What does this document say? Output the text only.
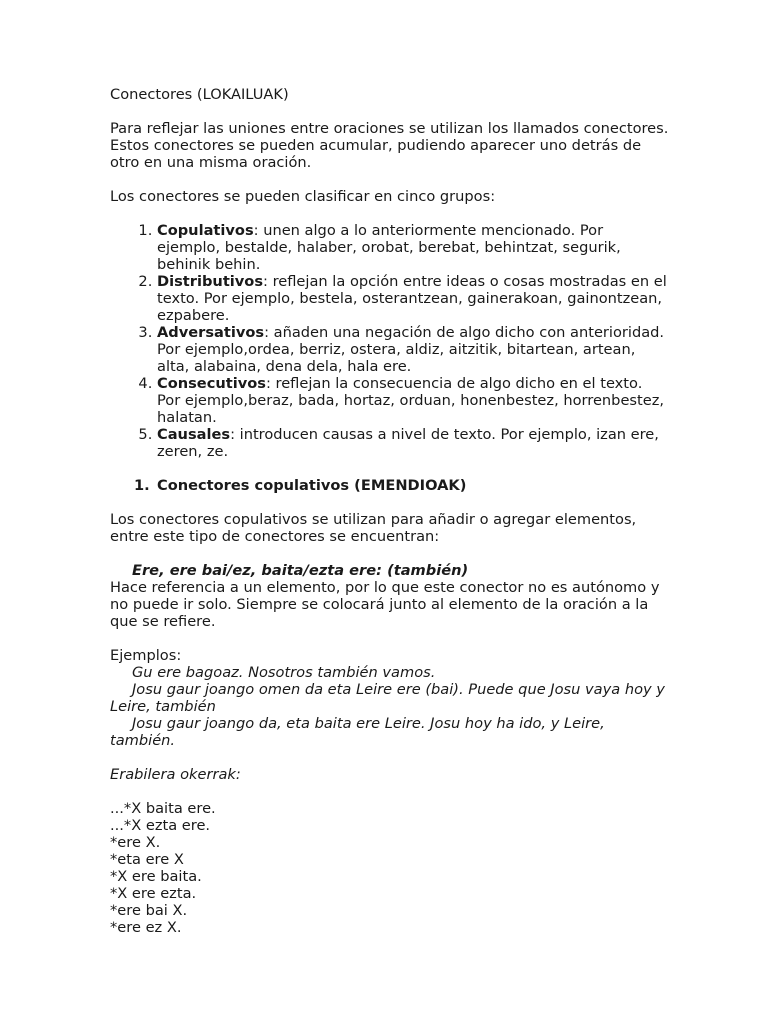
Conectores (LOKAILUAK)

Para reflejar las uniones entre oraciones se utilizan los llamados conectores. Estos conectores se pueden acumular, pudiendo aparecer uno detrás de otro en una misma oración.

Los conectores se pueden clasificar en cinco grupos:

1. Copulativos: unen algo a lo anteriormente mencionado. Por ejemplo, bestalde, halaber, orobat, berebat, behintzat, segurik, behinik behin.
2. Distributivos: reflejan la opción entre ideas o cosas mostradas en el texto. Por ejemplo, bestela, osterantzean, gainerakoan, gainontzean, ezpabere.
3. Adversativos: añaden una negación de algo dicho con anterioridad. Por ejemplo,ordea, berriz, ostera, aldiz, aitzitik, bitartean, artean, alta, alabaina, dena dela, hala ere.
4. Consecutivos: reflejan la consecuencia de algo dicho en el texto. Por ejemplo,beraz, bada, hortaz, orduan, honenbestez, horrenbestez, halatan.
5. Causales: introducen causas a nivel de texto. Por ejemplo, izan ere, zeren, ze.

1. Conectores copulativos (EMENDIOAK)

Los conectores copulativos se utilizan para añadir o agregar elementos, entre este tipo de conectores se encuentran:

Ere, ere bai/ez, baita/ezta ere: (también)

Hace referencia a un elemento, por lo que este conector no es autónomo y no puede ir solo. Siempre se colocará junto al elemento de la oración a la que se refiere.

Ejemplos:

Gu ere bagoaz. Nosotros también vamos.

Josu gaur joango omen da eta Leire ere (bai). Puede que Josu vaya hoy y Leire, también

Josu gaur joango da, eta baita ere Leire. Josu hoy ha ido, y Leire, también.

Erabilera okerrak:

...*X baita ere.

...*X ezta ere.

*ere X.

*eta ere X

*X ere baita.

*X ere ezta.

*ere bai X.

*ere ez X.
